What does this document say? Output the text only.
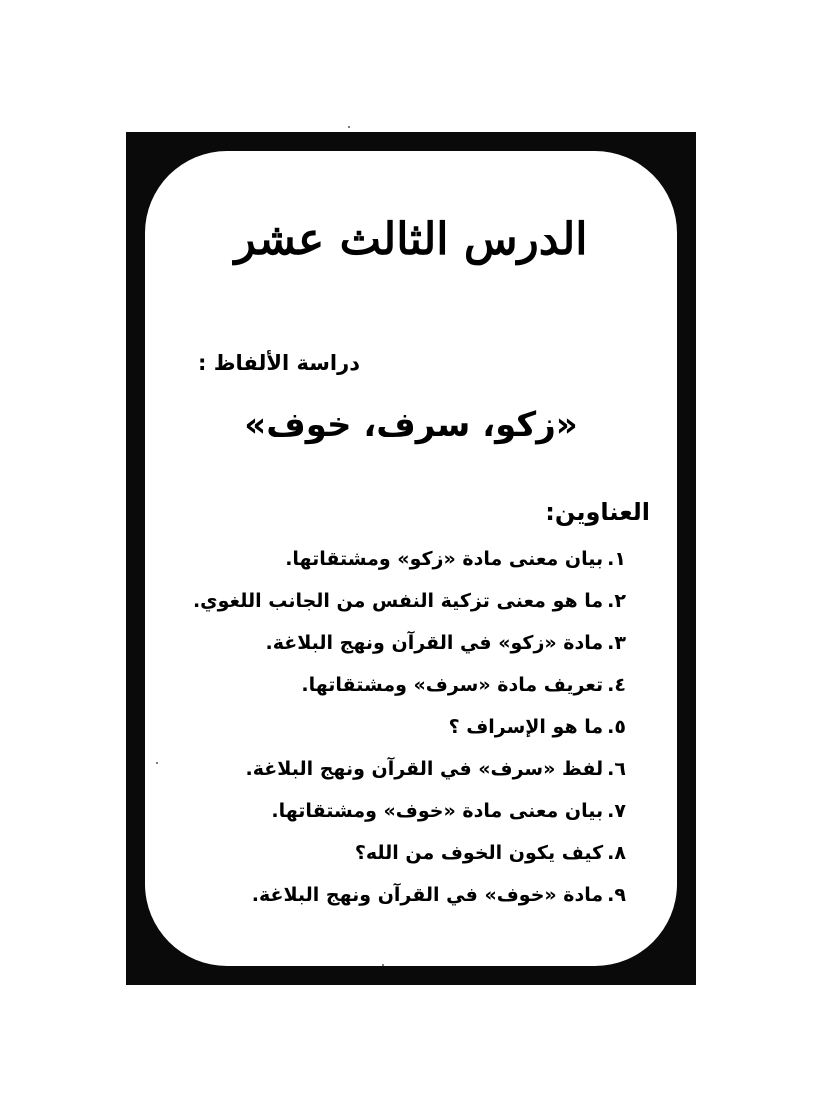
الدرس الثالث عشر
دراسة الألفاظ :
«زكو، سرف، خوف»
العناوين:
١.بيان معنى مادة «زكو» ومشتقاتها.
٢.ما هو معنى تزكية النفس من الجانب اللغوي.
٣.مادة «زكو» في القرآن ونهج البلاغة.
٤.تعريف مادة «سرف» ومشتقاتها.
٥.ما هو الإسراف ؟
٦.لفظ «سرف» في القرآن ونهج البلاغة.
٧.بيان معنى مادة «خوف» ومشتقاتها.
٨.كيف يكون الخوف من الله؟
٩.مادة «خوف» في القرآن ونهج البلاغة.
